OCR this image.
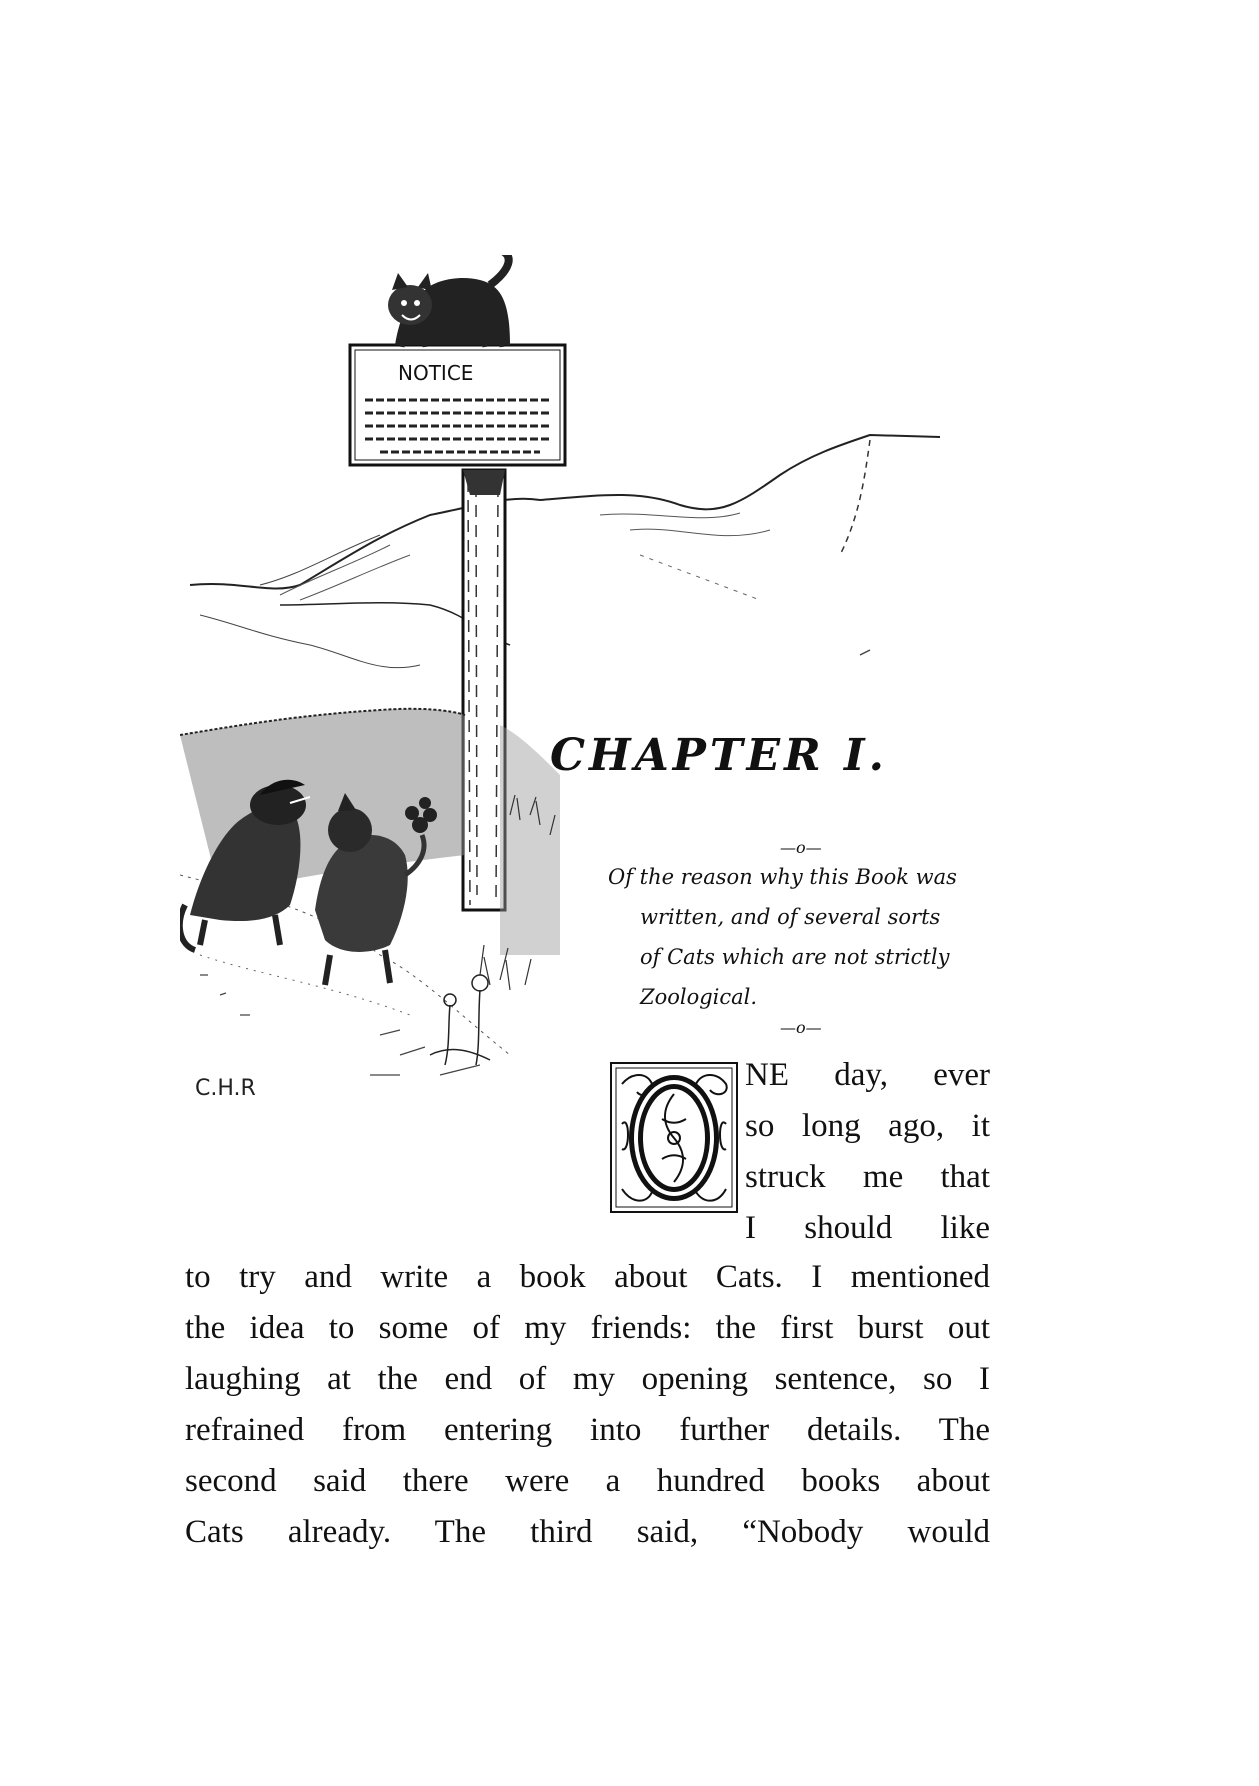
NOTICE
C.H.R
CHAPTER I.
—o—
Of the reason why this Book was
written, and of several sorts
of Cats which are not strictly
Zoological.
—o—
NE day, ever
so long ago, it
struck me that
I should like
to try and write a book about Cats. I mentioned
the idea to some of my friends: the first burst out
laughing at the end of my opening sentence, so I
refrained from entering into further details. The
second said there were a hundred books about
Cats already. The third said, “Nobody would
